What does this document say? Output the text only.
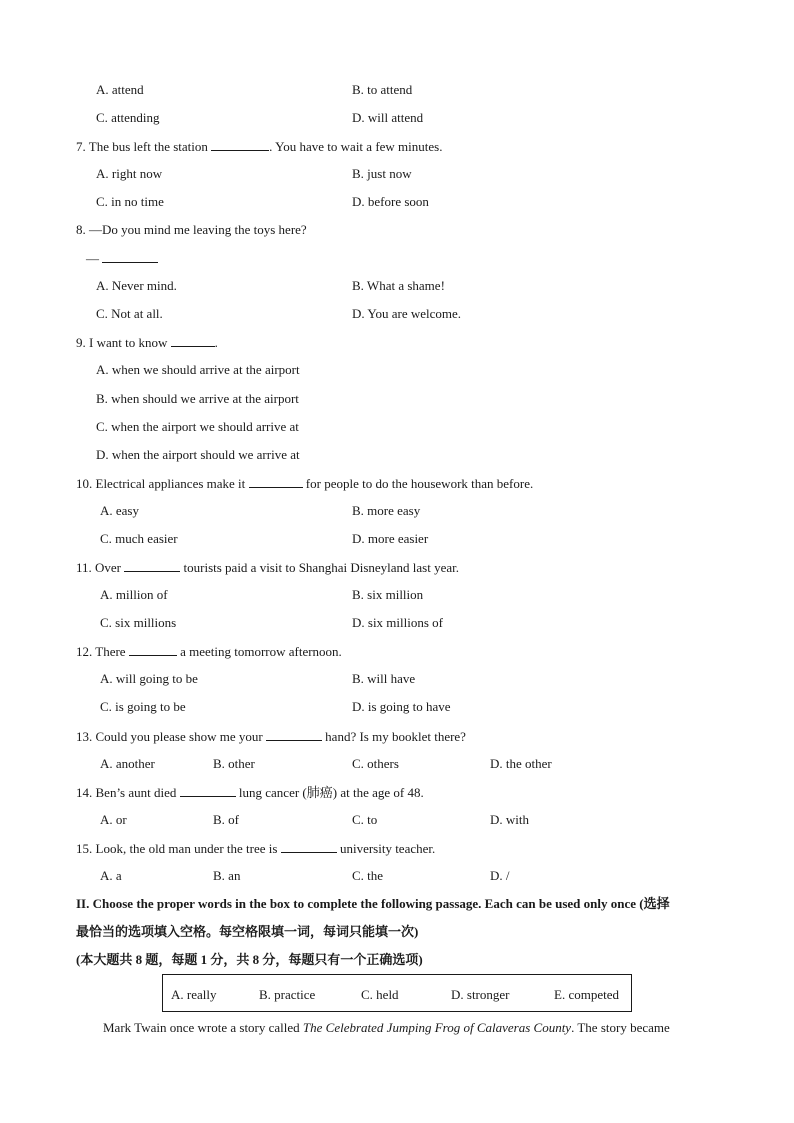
A. attend	B. to attend
C. attending	D. will attend
7. The bus left the station	. You have to wait a few minutes.
A. right now	B. just now
C. in no time	D. before soon
8. —Do you mind me leaving the toys here?
—
A. Never mind.	B. What a shame!
C. Not at all.	D. You are welcome.
9. I want to know	.
A. when we should arrive at the airport
B. when should we arrive at the airport
C. when the airport we should arrive at
D. when the airport should we arrive at
10. Electrical appliances make it	for people to do the housework than before.
A. easy	B. more easy
C. much easier	D. more easier
11. Over	tourists paid a visit to Shanghai Disneyland last year.
A. million of	B. six million
C. six millions	D. six millions of
12. There	a meeting tomorrow afternoon.
A. will going to be	B. will have
C. is going to be	D. is going to have
13. Could you please show me your	hand? Is my booklet there?
A. another	B. other	C. others	D. the other
14. Ben’s aunt died	lung cancer (肺癌) at the age of 48.
A. or	B. of	C. to	D. with
15. Look, the old man under the tree is	university teacher.
A. a	B. an	C. the	D. /
II. Choose the proper words in the box to complete the following passage. Each can be used only once (选择
最恰当的选项填入空格。每空格限填一词，每词只能填一次)
(本大题共 8 题，每题 1 分，共 8 分，每题只有一个正确选项)
A. really	B. practice	C. held	D. stronger	E. competed
Mark Twain once wrote a story called The Celebrated Jumping Frog of Calaveras County. The story became
